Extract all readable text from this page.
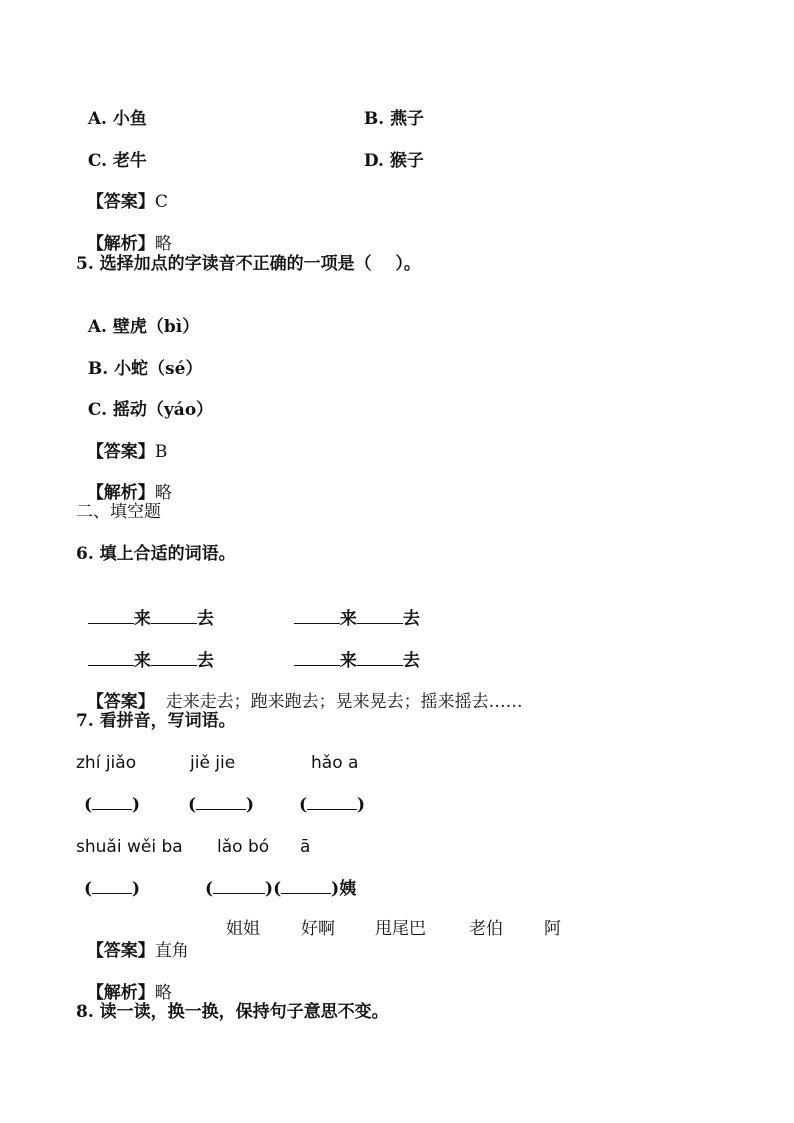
A. 小鱼	B. 燕子

C. 老牛	D. 猴子

【答案】C

【解析】略

5. 选择加点的字读音不正确的一项是（    ）。

A. 壁虎（bì）

B. 小蛇（sé）

C. 摇动（yáo）

【答案】B

【解析】略

二、填空题
6. 填上合适的词语。

来	去	来	去

来	去	来	去

【答案】 走来走去；跑来跑去；晃来晃去；摇来摇去……

7. 看拼音，写词语。
zhí jiǎo	jiě jie	hǎo a
( )	(	)	(	)
shuǎi wěi ba lǎo bó ā
( )	(	)(	)姨

【答案】直角

姐姐 好啊 甩尾巴	老伯 阿

【解析】略

8. 读一读，换一换，保持句子意思不变。
